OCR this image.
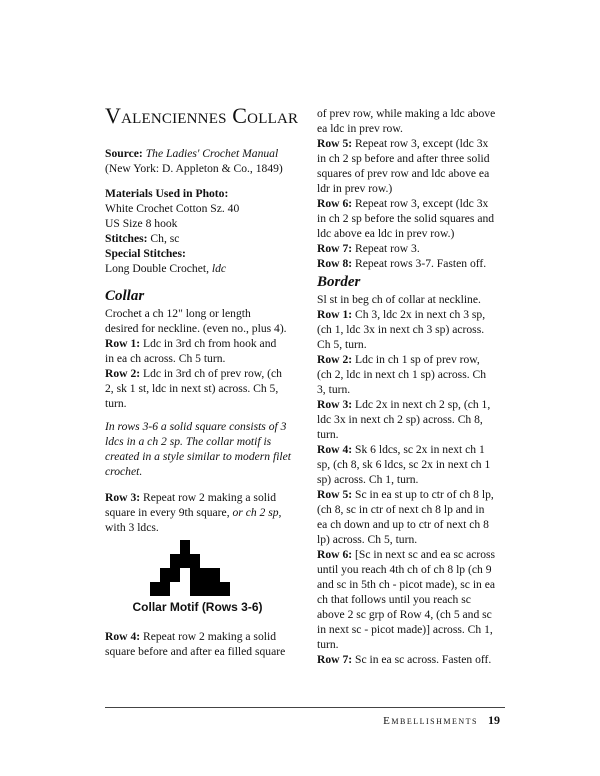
Valenciennes Collar
Source: The Ladies' Crochet Manual
(New York: D. Appleton & Co., 1849)
Materials Used in Photo:
White Crochet Cotton Sz. 40
US Size 8 hook
Stitches: Ch, sc
Special Stitches:
Long Double Crochet, ldc
Collar
Crochet a ch 12" long or length
desired for neckline. (even no., plus 4).
Row 1: Ldc in 3rd ch from hook and
in ea ch across. Ch 5 turn.
Row 2: Ldc in 3rd ch of prev row, (ch
2, sk 1 st, ldc in next st) across. Ch 5,
turn.
In rows 3-6 a solid square consists of 3
ldcs in a ch 2 sp. The collar motif is
created in a style similar to modern filet
crochet.
Row 3: Repeat row 2 making a solid
square in every 9th square, or ch 2 sp,
with 3 ldcs.
Row 4: Repeat row 2 making a solid
square before and after ea filled square
Collar Motif (Rows 3-6)
of prev row, while making a ldc above
ea ldc in prev row.
Row 5: Repeat row 3, except (ldc 3x
in ch 2 sp before and after three solid
squares of prev row and ldc above ea
ldr in prev row.)
Row 6: Repeat row 3, except (ldc 3x
in ch 2 sp before the solid squares and
ldc above ea ldc in prev row.)
Row 7: Repeat row 3.
Row 8: Repeat rows 3-7. Fasten off.
Border
Sl st in beg ch of collar at neckline.
Row 1: Ch 3, ldc 2x in next ch 3 sp,
(ch 1, ldc 3x in next ch 3 sp) across.
Ch 5, turn.
Row 2: Ldc in ch 1 sp of prev row,
(ch 2, ldc in next ch 1 sp) across. Ch
3, turn.
Row 3: Ldc 2x in next ch 2 sp, (ch 1,
ldc 3x in next ch 2 sp) across. Ch 8,
turn.
Row 4: Sk 6 ldcs, sc 2x in next ch 1
sp, (ch 8, sk 6 ldcs, sc 2x in next ch 1
sp) across. Ch 1, turn.
Row 5: Sc in ea st up to ctr of ch 8 lp,
(ch 8, sc in ctr of next ch 8 lp and in
ea ch down and up to ctr of next ch 8
lp) across. Ch 5, turn.
Row 6: [Sc in next sc and ea sc across
until you reach 4th ch of ch 8 lp (ch 9
and sc in 5th ch - picot made), sc in ea
ch that follows until you reach sc
above 2 sc grp of Row 4, (ch 5 and sc
in next sc - picot made)] across. Ch 1,
turn.
Row 7: Sc in ea sc across. Fasten off.
Embellishments 19
